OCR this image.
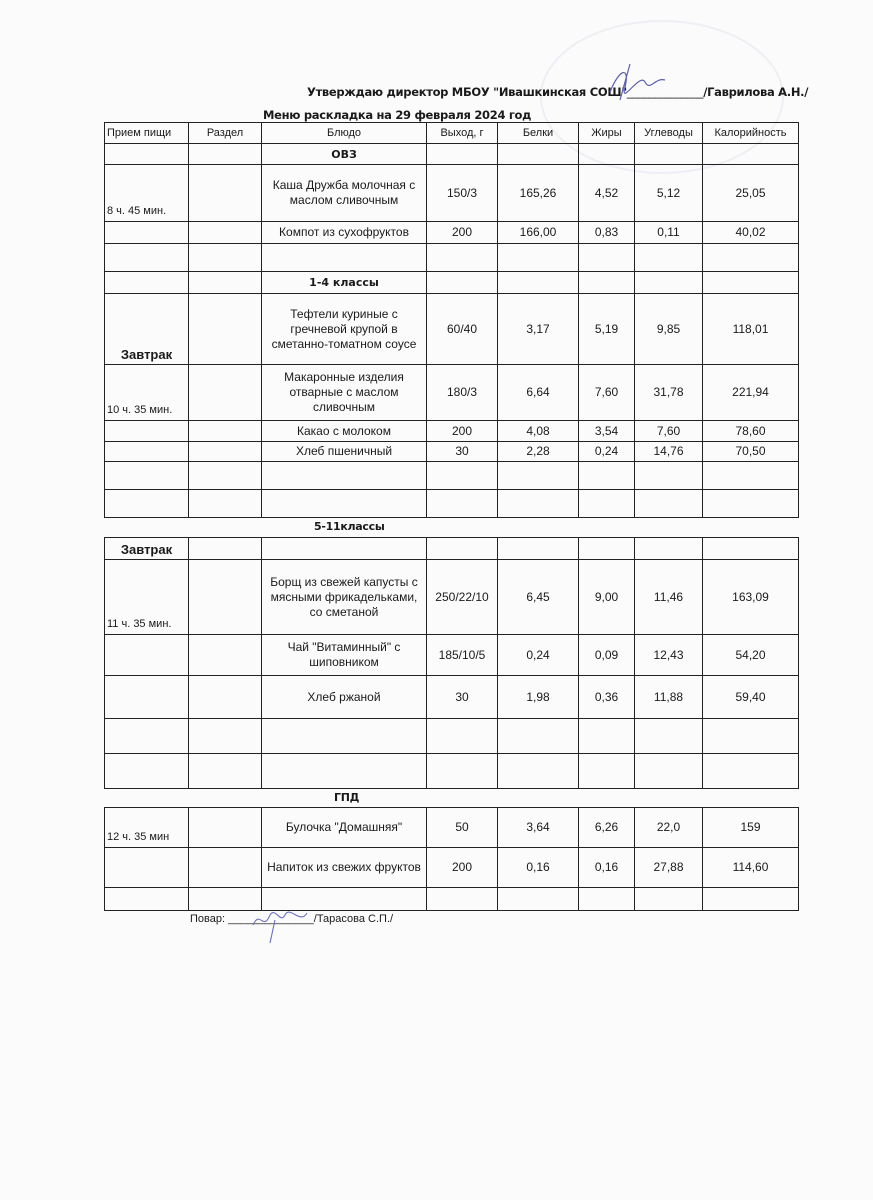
Утверждаю директор МБОУ "Ивашкинская СОШ"______________/Гаврилова А.Н./
Меню раскладка на 29 февраля 2024 год
Прием пищи	Раздел	Блюдо	Выход, г	Белки	Жиры	Углеводы	Калорийность
		ОВЗ					
8 ч. 45 мин.		Каша Дружба молочная с маслом сливочным	150/3	165,26	4,52	5,12	25,05
		Компот из сухофруктов	200	166,00	0,83	0,11	40,02

		1-4 классы					
Завтрак		Тефтели куриные с гречневой крупой в сметанно-томатном соусе	60/40	3,17	5,19	9,85	118,01
10 ч. 35 мин.		Макаронные изделия отварные с маслом сливочным	180/3	6,64	7,60	31,78	221,94
		Какао с молоком	200	4,08	3,54	7,60	78,60
		Хлеб пшеничный	30	2,28	0,24	14,76	70,50

5-11классы
Завтрак							
11 ч. 35 мин.		Борщ из свежей капусты с мясными фрикадельками, со сметаной	250/22/10	6,45	9,00	11,46	163,09
		Чай "Витаминный" с шиповником	185/10/5	0,24	0,09	12,43	54,20
		Хлеб ржаной	30	1,98	0,36	11,88	59,40

ГПД
12 ч. 35 мин		Булочка "Домашняя"	50	3,64	6,26	22,0	159
		Напиток из свежих фруктов	200	0,16	0,16	27,88	114,60

Повар: ______________/Тарасова С.П./
